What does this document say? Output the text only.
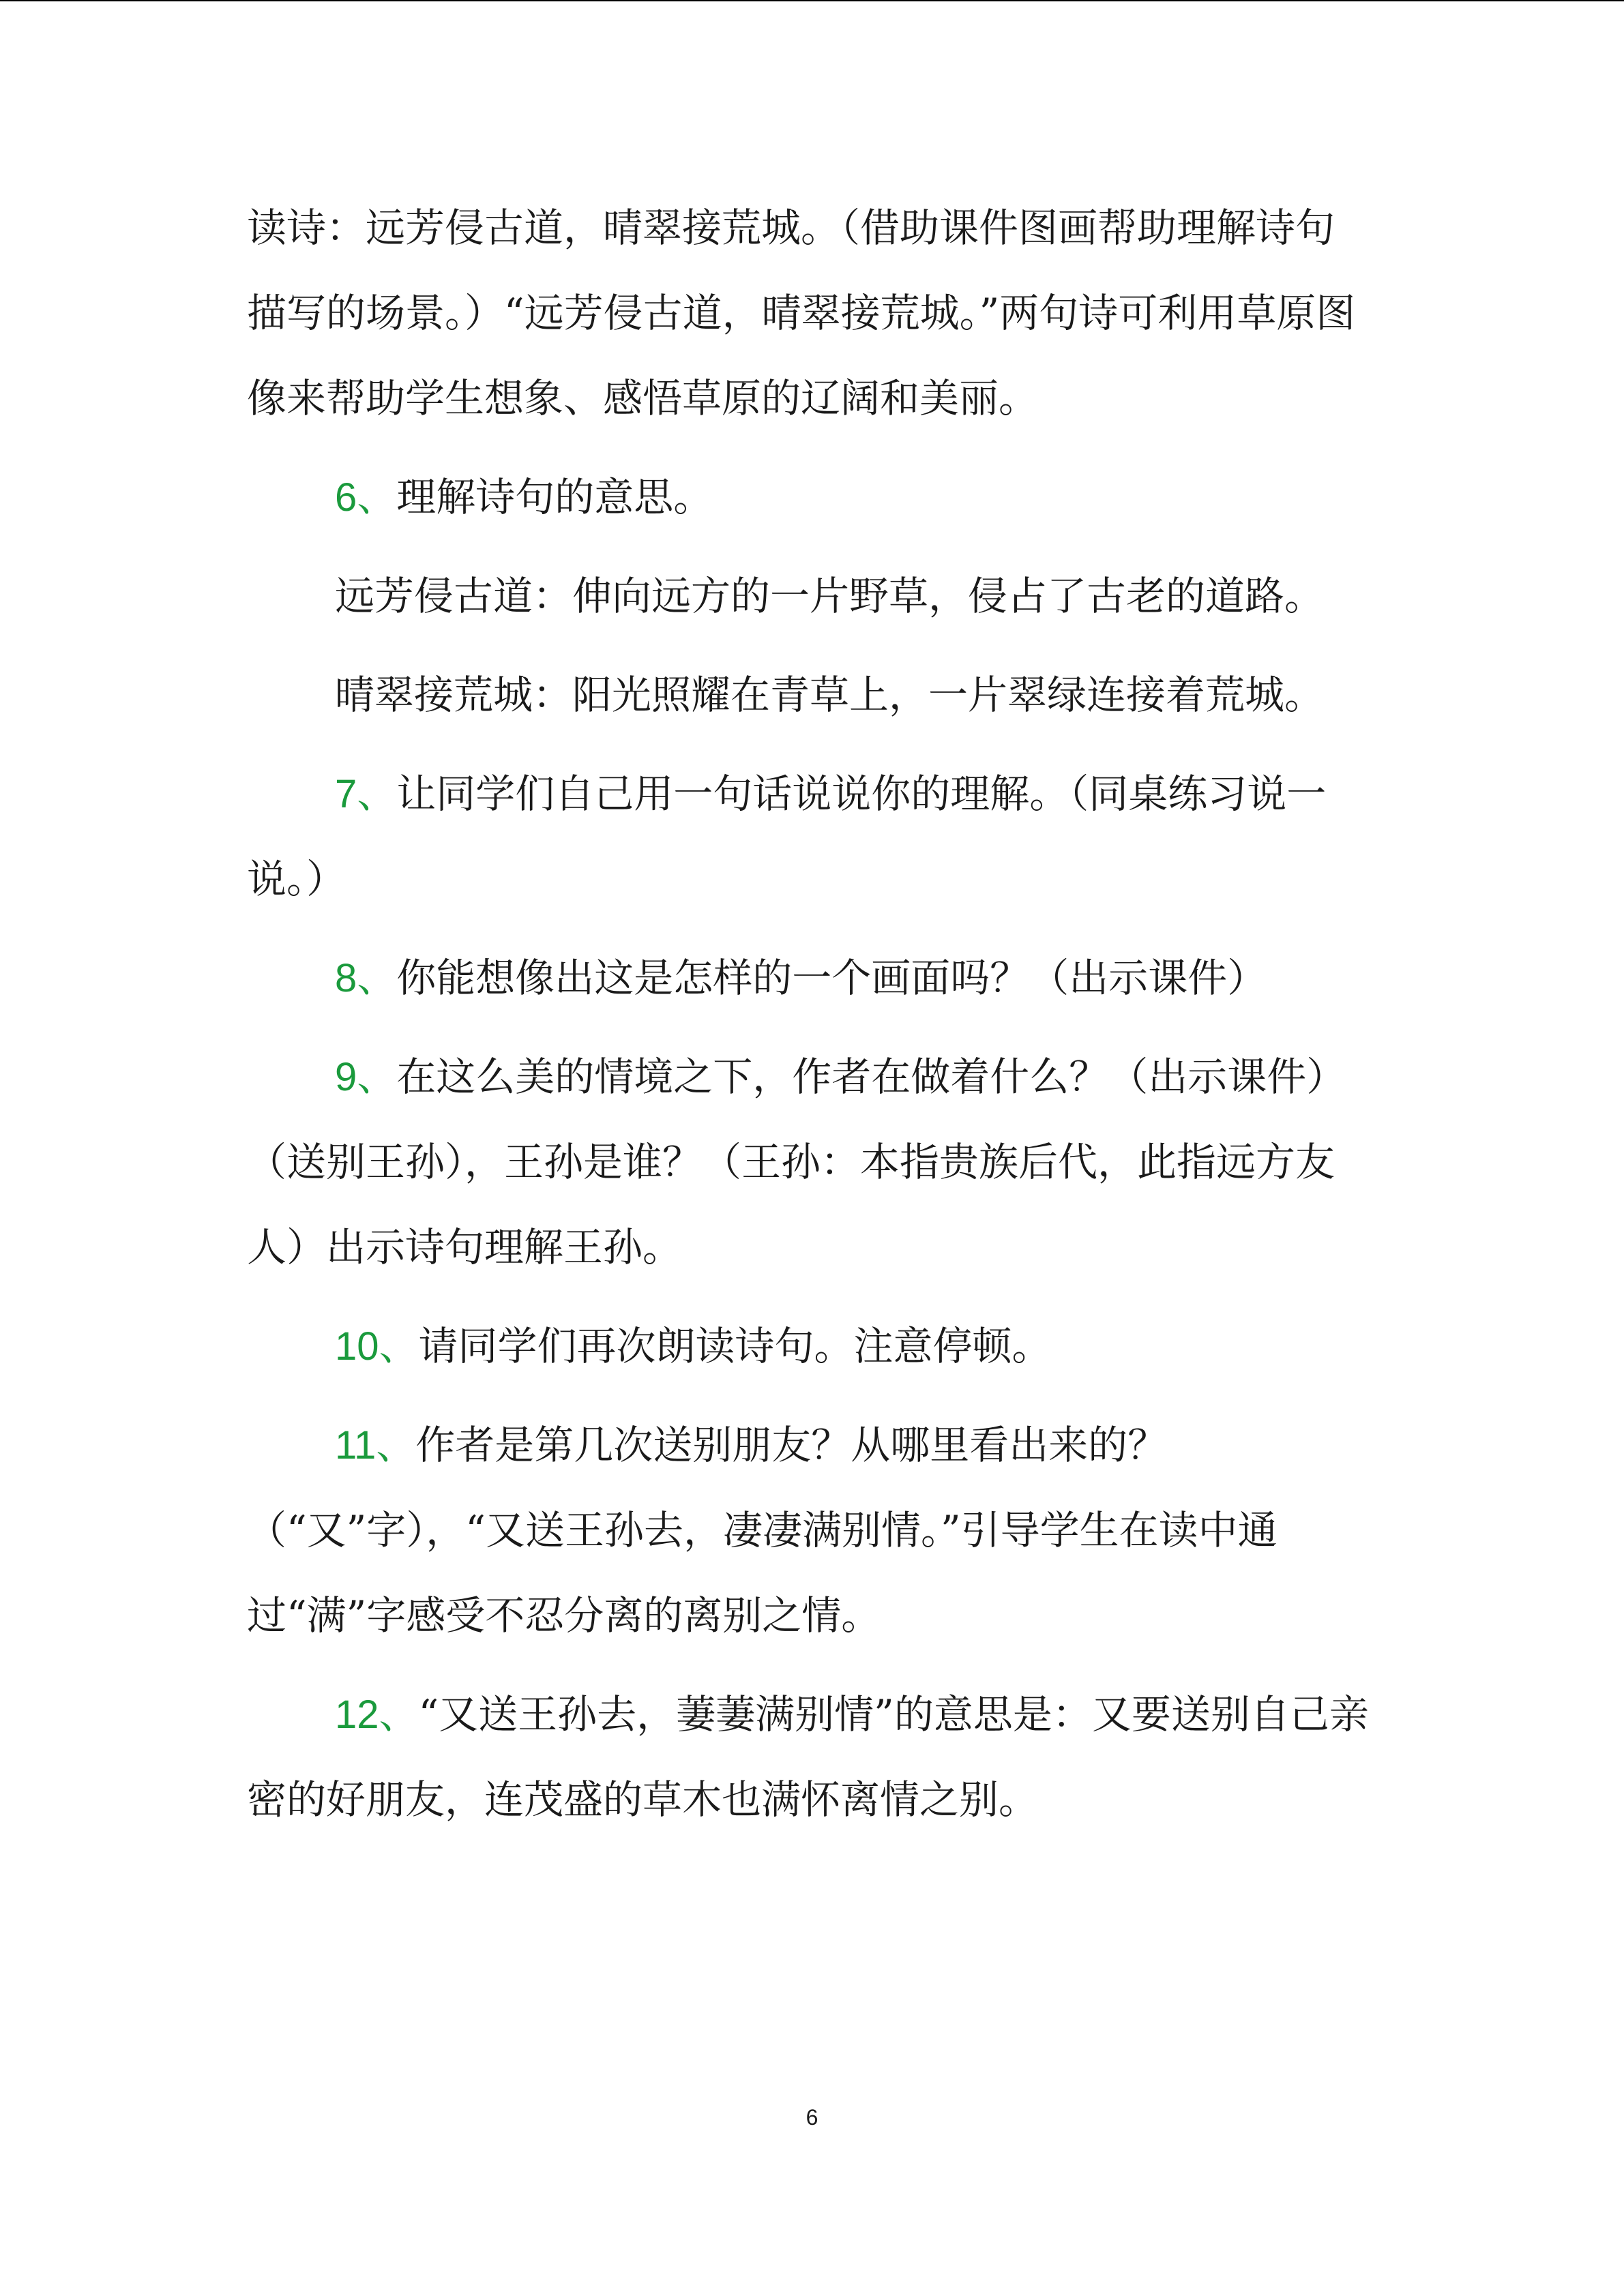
读诗：远芳侵古道，晴翠接荒城。（借助课件图画帮助理解诗句描写的场景。）“远芳侵古道，晴翠接荒城。”两句诗可利用草原图像来帮助学生想象、感悟草原的辽阔和美丽。

6、理解诗句的意思。

远芳侵古道：伸向远方的一片野草，侵占了古老的道路。

晴翠接荒城：阳光照耀在青草上，一片翠绿连接着荒城。

7、让同学们自己用一句话说说你的理解。（同桌练习说一说。）

8、你能想像出这是怎样的一个画面吗？（出示课件）

9、在这么美的情境之下，作者在做着什么？（出示课件）（送别王孙），王孙是谁？（王孙：本指贵族后代，此指远方友人）出示诗句理解王孙。

10、请同学们再次朗读诗句。注意停顿。

11、作者是第几次送别朋友？从哪里看出来的？（“又”字），“又送王孙去，凄凄满别情。”引导学生在读中通过“满”字感受不忍分离的离别之情。

12、“又送王孙去，萋萋满别情”的意思是：又要送别自己亲密的好朋友，连茂盛的草木也满怀离情之别。

6
